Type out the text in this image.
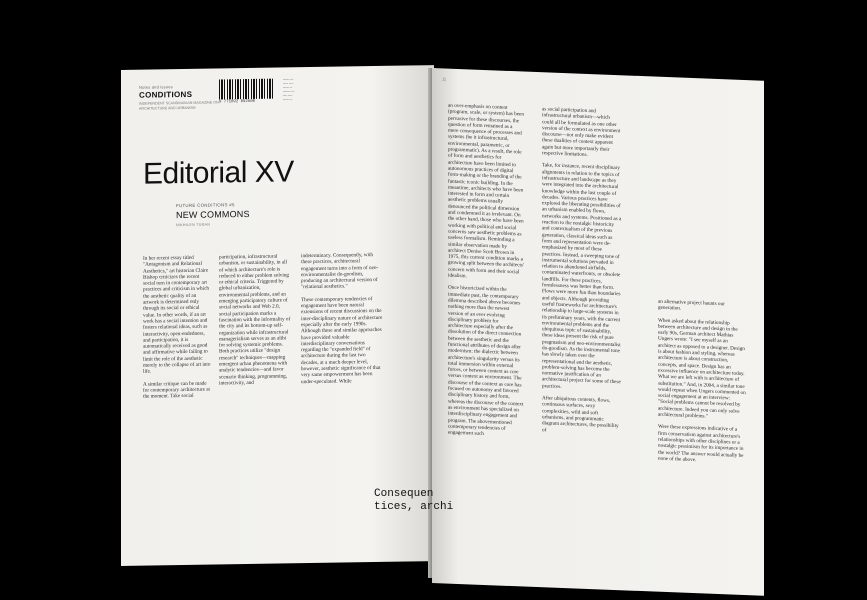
Notes and issues
CONDITIONS
INDEPENDENT SCANDINAVIAN MAGAZINE ON ARCHITECTURE AND URBANISM
9 771892 892500
▪▪▪▪▪▪ ▪▪▪
▪▪▪▪▪ ▪▪▪▪
▪▪▪▪▪▪ ▪▪
▪▪▪▪▪▪▪ ▪▪▪
▪▪▪▪ ▪▪▪▪
▪▪▪▪▪▪ ▪▪
Editorial XV
FUTURE CONDITIONS #5
NEW COMMONS
NIKHILEN TURAN

In her recent essay titled "Antagonism and Relational Aesthetics," art historian Claire Bishop criticizes the recent social turn in contemporary art practices and criticism in which the aesthetic quality of an artwork is determined only through its social or ethical value. In other words, if an art work has a social intention and fosters relational ideas, such as interactivity, open-endedness, and participation, it is automatically received as good and affirmative while failing to limit the role of the aesthetic merely to the collapse of art into life.

A similar critique can be made for contemporary architecture at the moment. Take social

participation, infrastructural urbanism, or sustainability, in all of which architecture's role is reduced to either problem solving or ethical criteria. Triggered by global urbanization, environmental problems, and an emerging participatory culture of social networks and Web 2.0, social participation marks a fascination with the informality of the city and its bottom-up self-organization while infrastructural managerialism serves as an alibi for solving systemic problems. Both practices utilize "design research" techniques—mapping emergent urban phenomena with analytic tendencies—and favor scenario thinking, programming, interactivity, and

indeterminacy. Consequently, with these practices, architectural engagement turns into a form of neo-environmentalist do-goodism, producing an architectural version of "relational aesthetics."

These contemporary tendencies of engagement have been natural extensions of recent discussions on the inter-disciplinary nature of architecture especially after the early 1990s. Although these and similar approaches have provided valuable interdisciplinary conversations regarding the "expanded field" of architecture during the last two decades, at a much deeper level, however, aesthetic significance of that very same empowerment has been under-speculated. While

11

an over-emphasis on content (program, scale, or system) has been pervasive for these discourses, the question of form remained as a mere consequence of processes and systems (be it infrastructural, environmental, parametric, or programmatic). As a result, the role of form and aesthetics for architecture have been limited to autonomous practices of digital form-making or the branding of the fantastic iconic building. In the meantime, architects who have been interested in form and certain aesthetic problems usually denounced the political dimension and condemned it as irrelevant. On the other hand, those who have been working with political and social concerns saw aesthetic problems as useless formalism. Reminding a similar observation made by architect Denise Scott Brown in 1975, this current condition marks a growing split between the architects' concern with form and their social idealism.

Once historicized within the immediate past, the contemporary dilemma described above becomes nothing more than the newest version of an ever evolving disciplinary problem for architecture especially after the dissolution of the direct connection between the aesthetic and the functional attributes of design after modernism: the dialectic between architecture's singularity versus its total immersion within external forces, or between context as core versus context as environment. The discourse of the context as core has focused on autonomy and favored disciplinary history and form, whereas the discourse of the context as environment has specialized on interdisciplinary engagement and program. The abovementioned contemporary tendencies of engagement such

as social participation and infrastructural urbanism—which could all be formulated as one other version of the context as environment discourse—not only make evident these dualities of context apparent again but more importantly their respective limitations.

Take, for instance, recent disciplinary alignments in relation to the topics of infrastructure and landscape as they were integrated into the architectural knowledge within the last couple of decades. Various practices have explored the liberating possibilities of an urbanism enabled by flows, networks and systems. Positioned as a reaction to the nostalgic historicity and contextualism of the previous generation, classical ideas such as form and representation were de-emphasized by most of these practices. Instead, a sweeping tone of instrumental solutions pervaded in relation to abandoned airfields, contaminated waterfronts, or obsolete landfills. For these practices, formlessness was better than form. Flows were more fun than boundaries and objects. Although providing useful frameworks for architecture's relationship to large-scale systems in its preliminary years, with the current environmental problems and the ubiquitous topic of sustainability, these ideas present the risk of pure pragmatism and neo-environmentalist do-goodism. As the instrumental tone has slowly taken over the representational and the aesthetic, problem-solving has become the normative justification of an architectural project for some of these practices.

After ubiquitous contents, flows, continuous surfaces, sexy complexities, wild and soft urbanisms, and programmatic diagram architectures, the possibility of

an alternative project haunts our generation.

When asked about the relationship between architecture and design in the early 90s, German architect Mathias Ungers wrote: "I see myself as an architect as opposed to a designer. Design is about fashion and styling, whereas architecture is about construction, concepts, and space. Design has an excessive influence on architecture today. What we are left with is architecture of substitution." And, in 2004, a similar tone would repeat when Ungers commented on social engagement at an interview: "Social problems cannot be resolved by architecture. Indeed you can only solve architectural problems."

Were these expressions indicative of a firm conservatism against architecture's relationships with other disciplines or a nostalgic pessimism for its importance in the world? The answer would actually be none of the above.

Consequen
tices, archi
